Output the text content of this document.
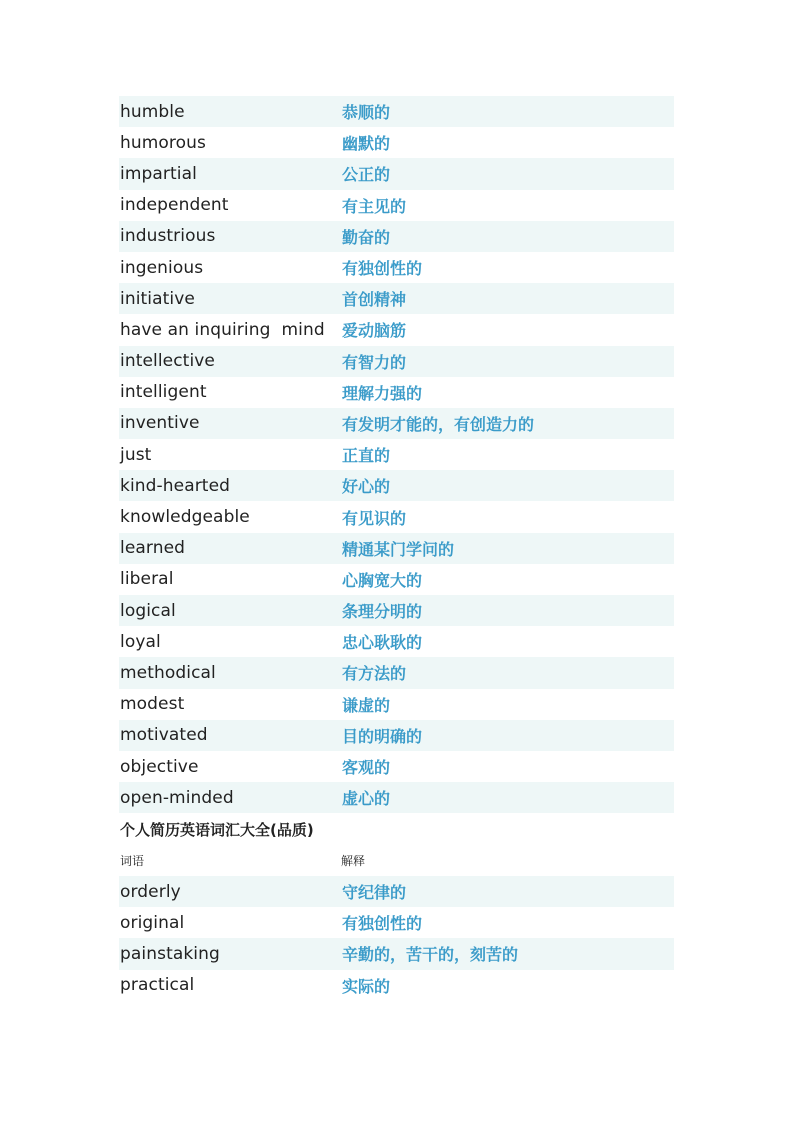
humble	恭顺的
humorous	幽默的
impartial	公正的
independent	有主见的
industrious	勤奋的
ingenious	有独创性的
initiative	首创精神
have an inquiring  mind	爱动脑筋
intellective	有智力的
intelligent	理解力强的
inventive	有发明才能的，有创造力的
just	正直的
kind-hearted	好心的
knowledgeable	有见识的
learned	精通某门学问的
liberal	心胸宽大的
logical	条理分明的
loyal	忠心耿耿的
methodical	有方法的
modest	谦虚的
motivated	目的明确的
objective	客观的
open-minded	虚心的
个人简历英语词汇大全(品质)
词语	解释
orderly	守纪律的
original	有独创性的
painstaking	辛勤的，苦干的，刻苦的
practical	实际的
